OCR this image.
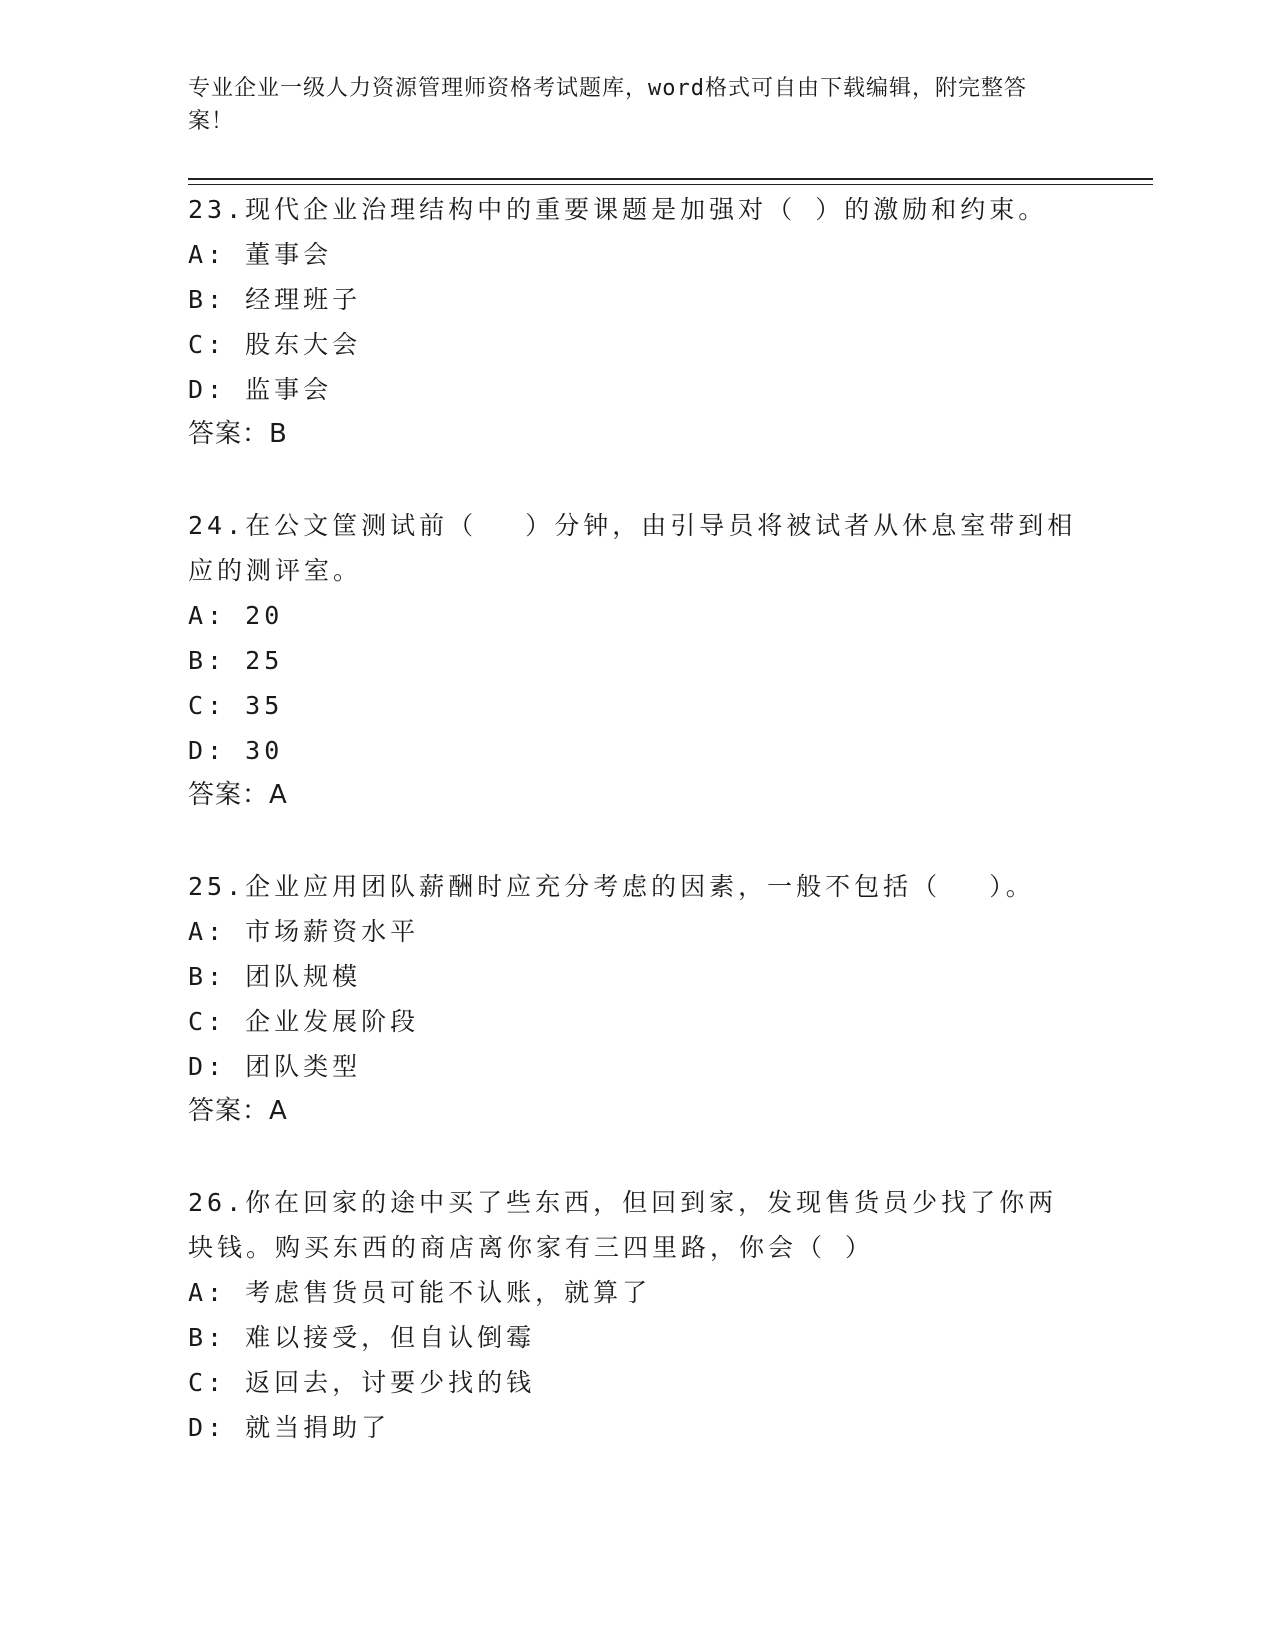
专业企业一级人力资源管理师资格考试题库，word格式可自由下载编辑，附完整答案！
23.现代企业治理结构中的重要课题是加强对（ ）的激励和约束。
A: 董事会
B: 经理班子
C: 股东大会
D: 监事会
答案：B
24.在公文筐测试前（　 ）分钟，由引导员将被试者从休息室带到相应的测评室。
A: 20
B: 25
C: 35
D: 30
答案：A
25.企业应用团队薪酬时应充分考虑的因素，一般不包括（　 ）。
A: 市场薪资水平
B: 团队规模
C: 企业发展阶段
D: 团队类型
答案：A
26.你在回家的途中买了些东西，但回到家，发现售货员少找了你两块钱。购买东西的商店离你家有三四里路，你会（ ）
A: 考虑售货员可能不认账，就算了
B: 难以接受，但自认倒霉
C: 返回去，讨要少找的钱
D: 就当捐助了
